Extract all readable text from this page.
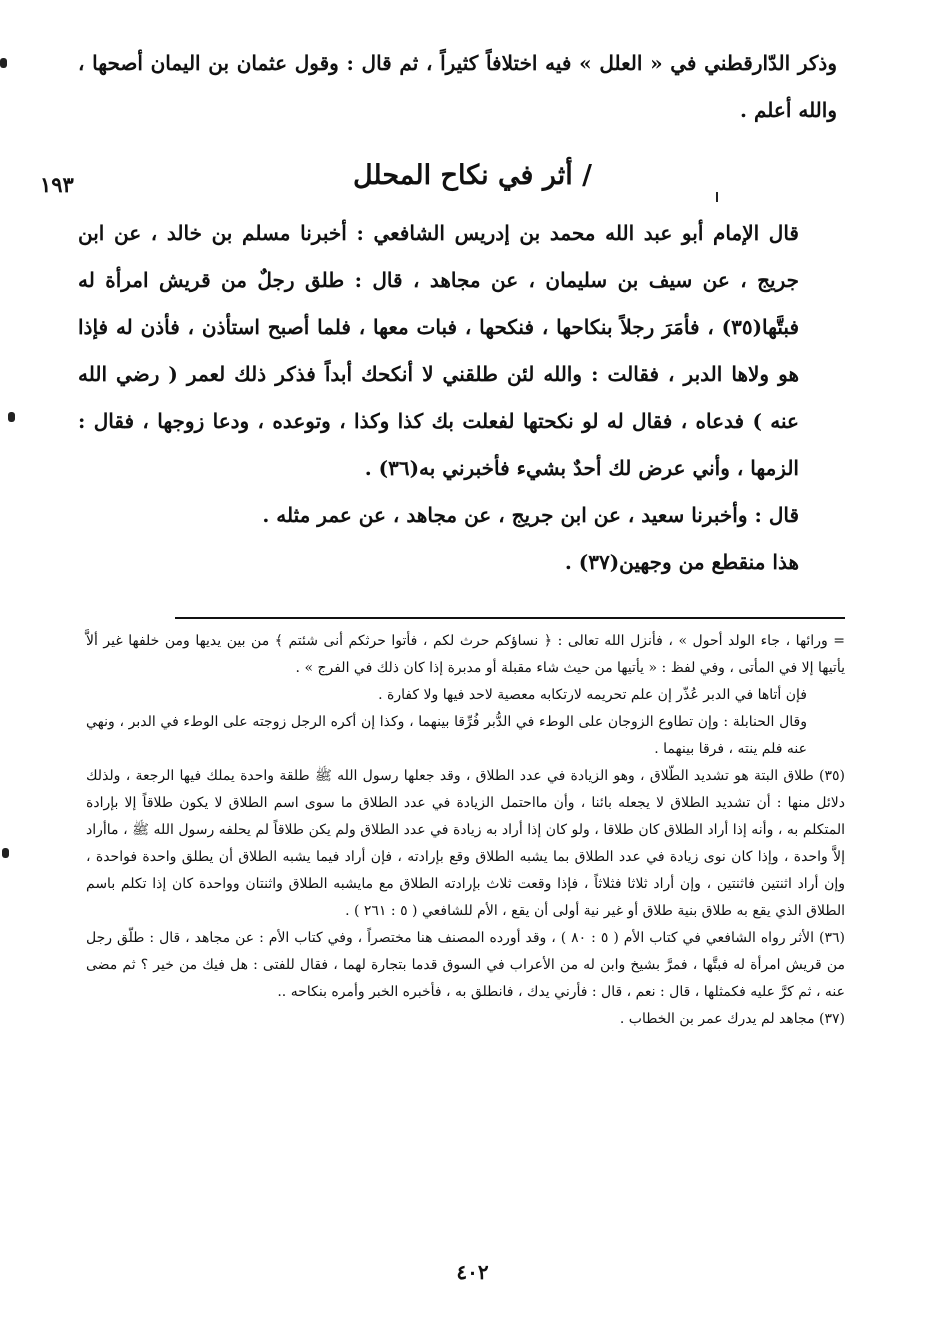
وذكر الدّارقطني في « العلل » فيه اختلافاً كثيراً ، ثم قال : وقول عثمان بن اليمان أصحها ، والله أعلم .

١٩٣	/ أثر في نكاح المحلل

قال الإمام أبو عبد الله محمد بن إدريس الشافعي : أخبرنا مسلم بن خالد ، عن ابن جريج ، عن سيف بن سليمان ، عن مجاهد ، قال : طلق رجلٌ من قريش امرأة له فبتَّها(٣٥) ، فأمَرَ رجلاً بنكاحها ، فنكحها ، فبات معها ، فلما أصبح استأذن ، فأذن له فإذا هو ولاها الدبر ، فقالت : والله لئن طلقني لا أنكحك أبداً فذكر ذلك لعمر ( رضي الله عنه ) فدعاه ، فقال له لو نكحتها لفعلت بك كذا وكذا ، وتوعده ، ودعا زوجها ، فقال : الزمها ، وأني عرض لك أحدٌ بشيء فأخبرني به(٣٦) .

قال : وأخبرنا سعيد ، عن ابن جريج ، عن مجاهد ، عن عمر مثله .

هذا منقطع من وجهين(٣٧) .

= ورائها ، جاء الولد أحول » ، فأنزل الله تعالى : ﴿ نساؤكم حرث لكم ، فأتوا حرثكم أنى شئتم ﴾ من بين يديها ومن خلفها غير ألاَّ يأتيها إلا في المأتى ، وفي لفظ : « يأتيها من حيث شاء مقبلة أو مدبرة إذا كان ذلك في الفرج » .

فإن أتاها في الدبر عُذّر إن علم تحريمه لارتكابه معصية لاحد فيها ولا كفارة .

وقال الحنابلة : وإن تطاوع الزوجان على الوطء في الدُّبر فُرِّقا بينهما ، وكذا إن أكره الرجل زوجته على الوطء في الدبر ، ونهي عنه فلم ينته ، فرقا بينهما .

(٣٥) طلاق البتة هو تشديد الطّلاق ، وهو الزيادة في عدد الطلاق ، وقد جعلها رسول الله ﷺ طلقة واحدة يملك فيها الرجعة ، ولذلك دلائل منها : أن تشديد الطلاق لا يجعله بائنا ، وأن مااحتمل الزيادة في عدد الطلاق ما سوى اسم الطلاق لا يكون طلاقاً إلا بإرادة المتكلم به ، وأنه إذا أراد الطلاق كان طلاقا ، ولو كان إذا أراد به زيادة في عدد الطلاق ولم يكن طلاقاً لم يحلفه رسول الله ﷺ ، ماأراد إلاَّ واحدة ، وإذا كان نوى زيادة في عدد الطلاق بما يشبه الطلاق وقع بإرادته ، فإن أراد فيما يشبه الطلاق أن يطلق واحدة فواحدة ، وإن أراد اثنتين فاثنتين ، وإن أراد ثلاثا فثلاثاً ، فإذا وقعت ثلاث بإرادته الطلاق مع مايشبه الطلاق واثنتان وواحدة كان إذا تكلم باسم الطلاق الذي يقع به طلاق بنية طلاق أو غير نية أولى أن يقع ، الأم للشافعي ( ٥ : ٢٦١ ) .

(٣٦) الأثر رواه الشافعي في كتاب الأم ( ٥ : ٨٠ ) ، وقد أورده المصنف هنا مختصراً ، وفي كتاب الأم : عن مجاهد ، قال : طلّق رجل من قريش امرأة له فبتَّها ، فمرَّ بشيخ وابن له من الأعراب في السوق قدما بتجارة لهما ، فقال للفتى : هل فيك من خير ؟ ثم مضى عنه ، ثم كرَّ عليه فكمثلها ، قال : نعم ، قال : فأرني يدك ، فانطلق به ، فأخبره الخبر وأمره بنكاحه ..

(٣٧) مجاهد لم يدرك عمر بن الخطاب .

٤٠٢
